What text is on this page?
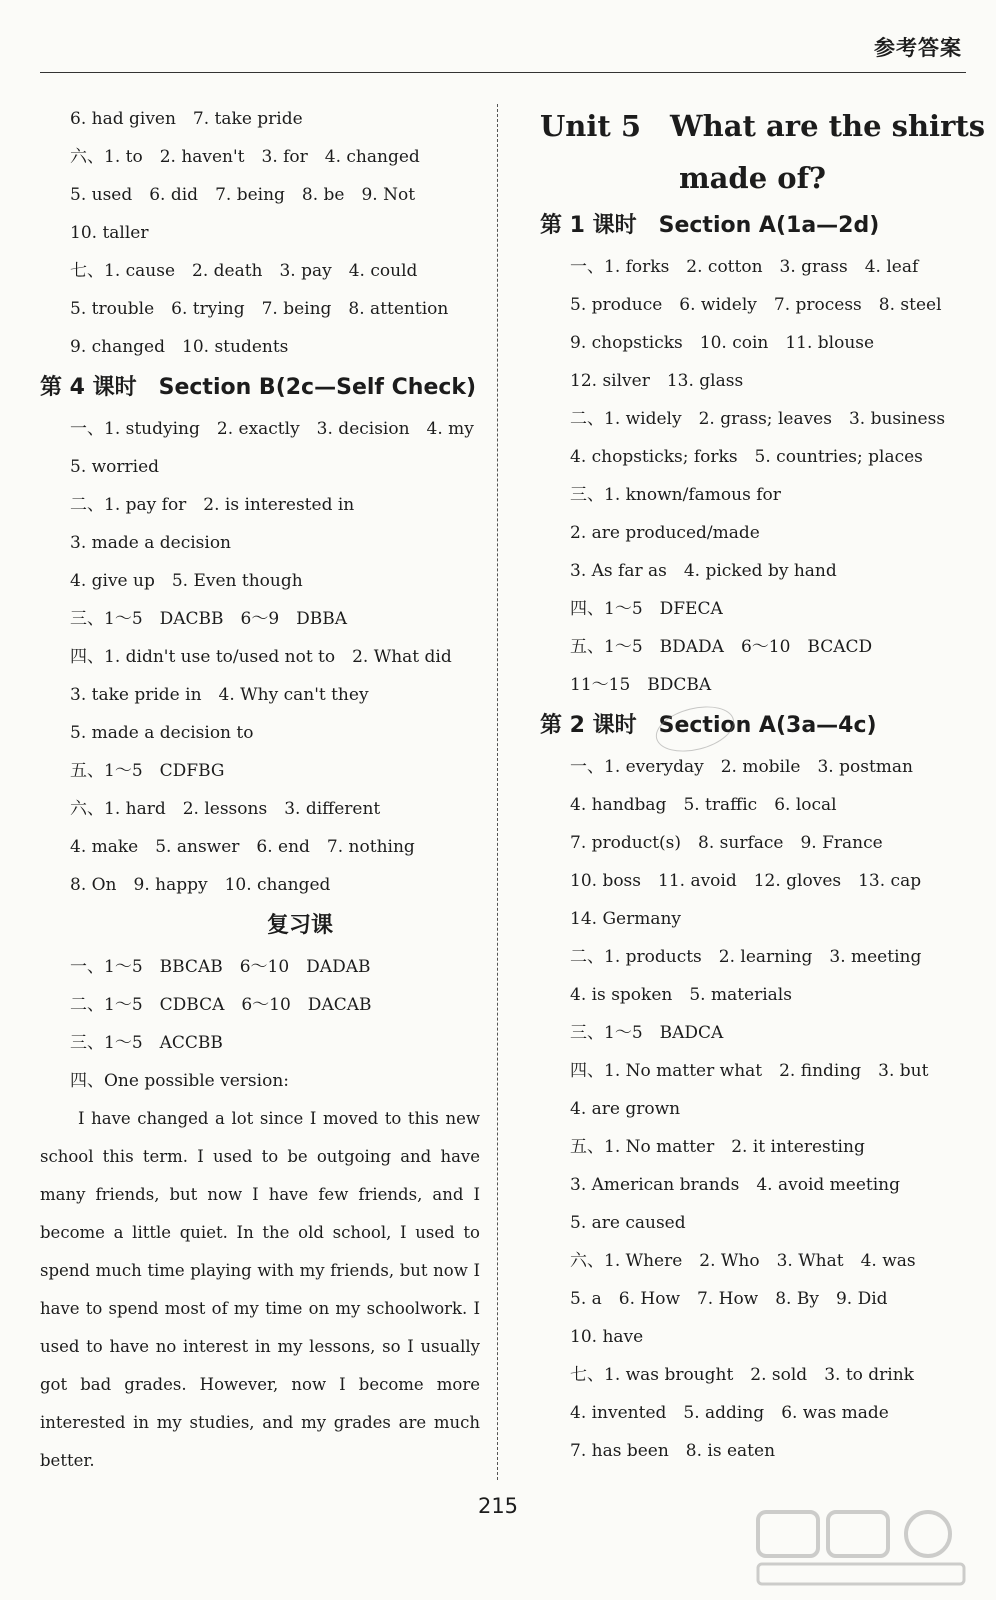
参考答案
6. had given　7. take pride
六、1. to　2. haven't　3. for　4. changed
5. used　6. did　7. being　8. be　9. Not
10. taller
七、1. cause　2. death　3. pay　4. could
5. trouble　6. trying　7. being　8. attention
9. changed　10. students
第 4 课时　Section B(2c—Self Check)
一、1. studying　2. exactly　3. decision　4. my
5. worried
二、1. pay for　2. is interested in
3. made a decision
4. give up　5. Even though
三、1～5　DACBB　6～9　DBBA
四、1. didn't use to/used not to　2. What did
3. take pride in　4. Why can't they
5. made a decision to
五、1～5　CDFBG
六、1. hard　2. lessons　3. different
4. make　5. answer　6. end　7. nothing
8. On　9. happy　10. changed
复习课
一、1～5　BBCAB　6～10　DADAB
二、1～5　CDBCA　6～10　DACAB
三、1～5　ACCBB
四、One possible version:

I have changed a lot since I moved to this new school this term. I used to be outgoing and have many friends, but now I have few friends, and I become a little quiet. In the old school, I used to spend much time playing with my friends, but now I have to spend most of my time on my schoolwork. I used to have no interest in my lessons, so I usually got bad grades. However, now I become more interested in my studies, and my grades are much better.

Unit 5　What are the shirts
made of?
第 1 课时　Section A(1a—2d)
一、1. forks　2. cotton　3. grass　4. leaf
5. produce　6. widely　7. process　8. steel
9. chopsticks　10. coin　11. blouse
12. silver　13. glass
二、1. widely　2. grass; leaves　3. business
4. chopsticks; forks　5. countries; places
三、1. known/famous for
2. are produced/made
3. As far as　4. picked by hand
四、1～5　DFECA
五、1～5　BDADA　6～10　BCACD
11～15　BDCBA
第 2 课时　Section A(3a—4c)
一、1. everyday　2. mobile　3. postman
4. handbag　5. traffic　6. local
7. product(s)　8. surface　9. France
10. boss　11. avoid　12. gloves　13. cap
14. Germany
二、1. products　2. learning　3. meeting
4. is spoken　5. materials
三、1～5　BADCA
四、1. No matter what　2. finding　3. but
4. are grown
五、1. No matter　2. it interesting
3. American brands　4. avoid meeting
5. are caused
六、1. Where　2. Who　3. What　4. was
5. a　6. How　7. How　8. By　9. Did
10. have
七、1. was brought　2. sold　3. to drink
4. invented　5. adding　6. was made
7. has been　8. is eaten
215
